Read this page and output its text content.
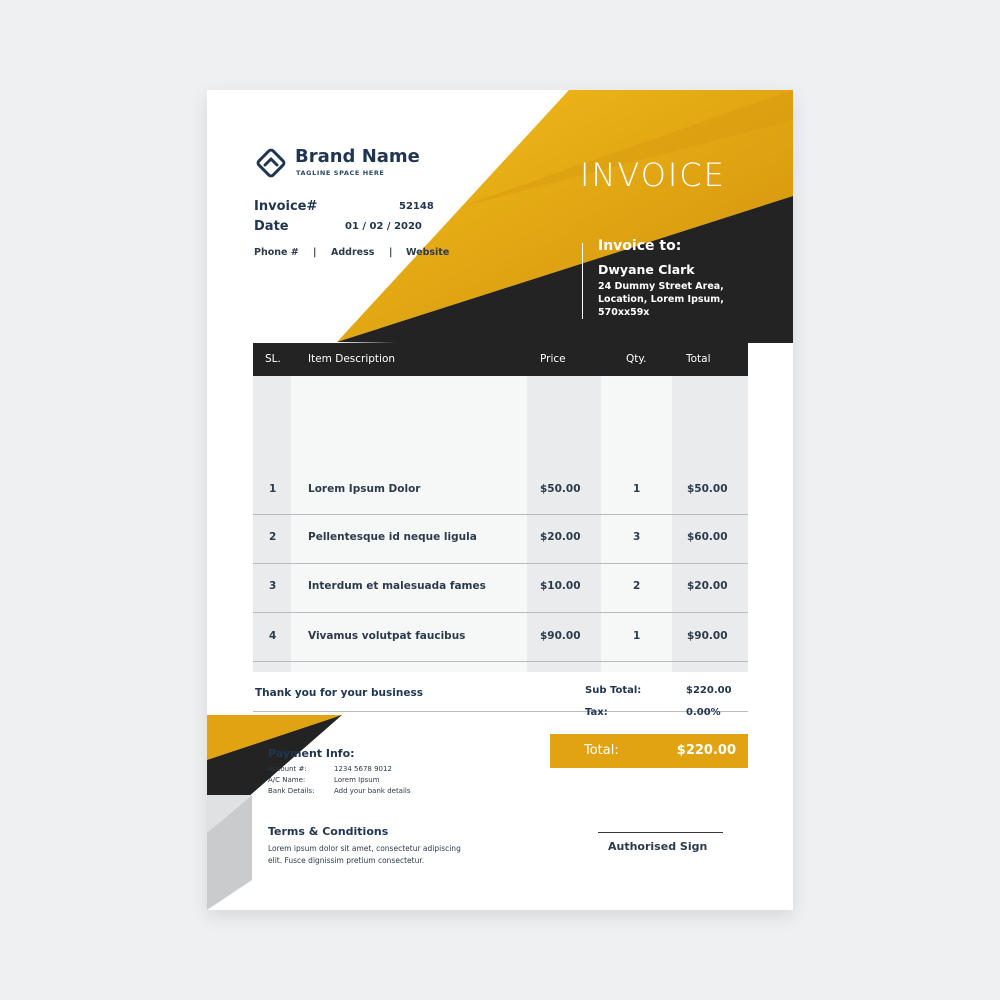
Brand Name
TAGLINE SPACE HERE
Invoice#	52148
Date	01 / 02 / 2020
Phone # | Address | Website
INVOICE
Invoice to:
Dwyane Clark
24 Dummy Street Area,
Location, Lorem Ipsum,
570xx59x
SL.	Item Description	Price	Qty.	Total
1	Lorem Ipsum Dolor	$50.00	1	$50.00
2	Pellentesque id neque ligula	$20.00	3	$60.00
3	Interdum et malesuada fames	$10.00	2	$20.00
4	Vivamus volutpat faucibus	$90.00	1	$90.00
Thank you for your business	Sub Total:	$220.00
Tax:	0.00%
Total:	$220.00
Payment Info:
Account #:	1234 5678 9012
A/C Name:	Lorem Ipsum
Bank Details:	Add your bank details
Terms & Conditions
Lorem ipsum dolor sit amet, consectetur adipiscing
elit. Fusce dignissim pretium consectetur.
Authorised Sign
